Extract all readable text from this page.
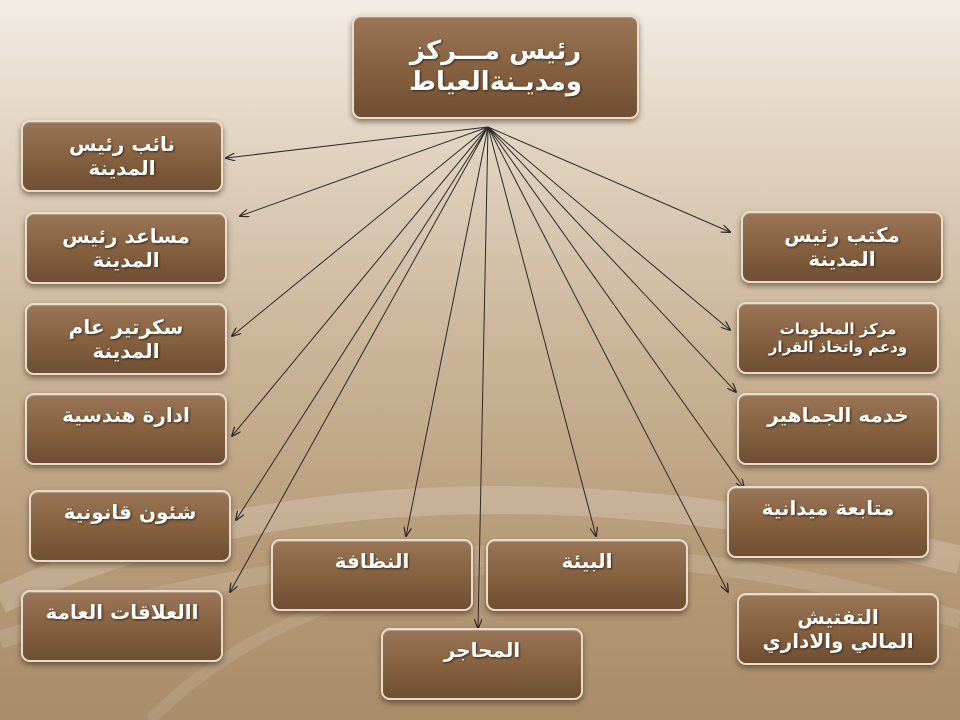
رئيس مـــركز
ومديـنةالعياط
نائب رئيس
المدينة
مساعد رئيس
المدينة
سكرتير عام
المدينة
ادارة هندسية
شئون قانونية
االعلاقات العامة
مكتب رئيس
المدينة
مركز المعلومات
ودعم واتخاذ القرار
خدمه الجماهير
متابعة ميدانية
التفتيش
المالي والاداري
النظافة	البيئة
المحاجر
